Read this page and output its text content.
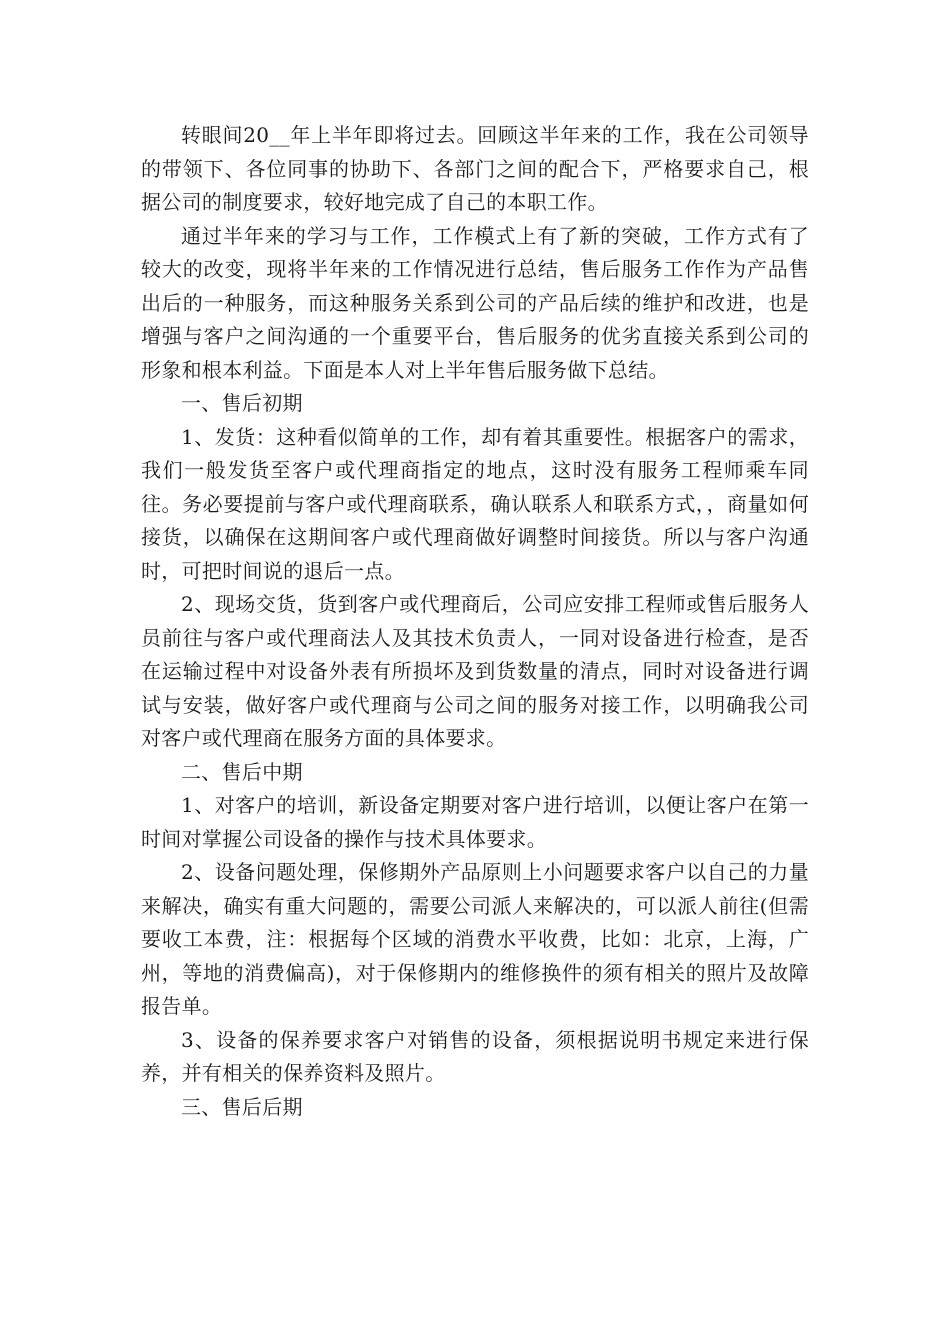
转眼间20__年上半年即将过去。回顾这半年来的工作，我在公司领导的带领下、各位同事的协助下、各部门之间的配合下，严格要求自己，根据公司的制度要求，较好地完成了自己的本职工作。

通过半年来的学习与工作，工作模式上有了新的突破，工作方式有了较大的改变，现将半年来的工作情况进行总结，售后服务工作作为产品售出后的一种服务，而这种服务关系到公司的产品后续的维护和改进，也是增强与客户之间沟通的一个重要平台，售后服务的优劣直接关系到公司的形象和根本利益。下面是本人对上半年售后服务做下总结。

一、售后初期

1、发货：这种看似简单的工作，却有着其重要性。根据客户的需求，我们一般发货至客户或代理商指定的地点，这时没有服务工程师乘车同往。务必要提前与客户或代理商联系，确认联系人和联系方式，，商量如何接货，以确保在这期间客户或代理商做好调整时间接货。所以与客户沟通时，可把时间说的退后一点。

2、现场交货，货到客户或代理商后，公司应安排工程师或售后服务人员前往与客户或代理商法人及其技术负责人，一同对设备进行检查，是否在运输过程中对设备外表有所损坏及到货数量的清点，同时对设备进行调试与安装，做好客户或代理商与公司之间的服务对接工作，以明确我公司对客户或代理商在服务方面的具体要求。

二、售后中期

1、对客户的培训，新设备定期要对客户进行培训，以便让客户在第一时间对掌握公司设备的操作与技术具体要求。

2、设备问题处理，保修期外产品原则上小问题要求客户以自己的力量来解决，确实有重大问题的，需要公司派人来解决的，可以派人前往(但需要收工本费，注：根据每个区域的消费水平收费，比如：北京，上海，广州，等地的消费偏高)，对于保修期内的维修换件的须有相关的照片及故障报告单。

3、设备的保养要求客户对销售的设备，须根据说明书规定来进行保养，并有相关的保养资料及照片。

三、售后后期
